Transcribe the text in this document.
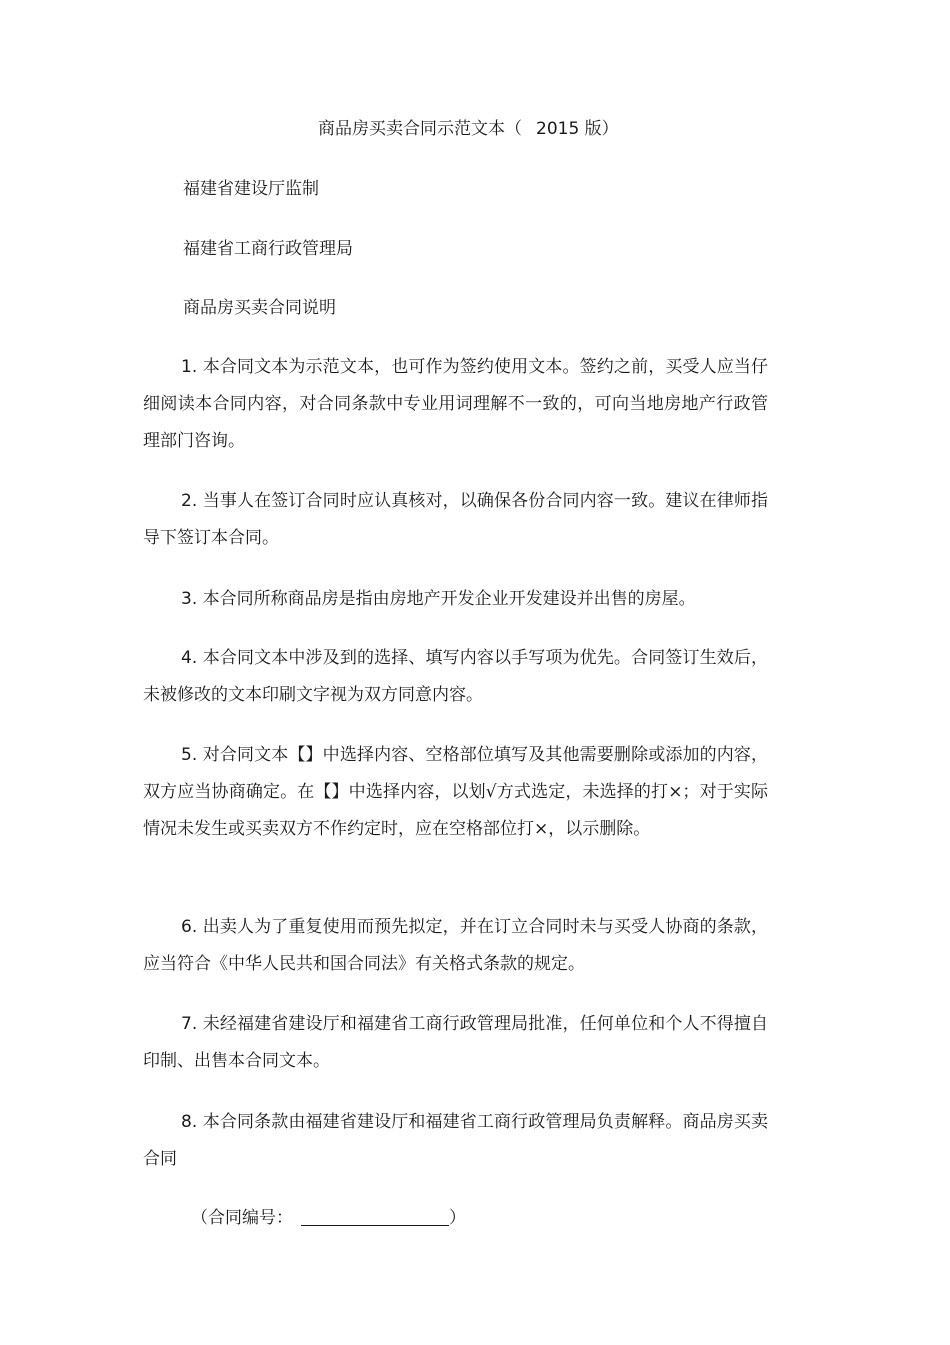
商品房买卖合同示范文本（ 2015 版）
福建省建设厅监制
福建省工商行政管理局
商品房买卖合同说明
1. 本合同文本为示范文本，也可作为签约使用文本。签约之前，买受人应当仔细阅读本合同内容，对合同条款中专业用词理解不一致的，可向当地房地产行政管理部门咨询。
2. 当事人在签订合同时应认真核对，以确保各份合同内容一致。建议在律师指导下签订本合同。
3. 本合同所称商品房是指由房地产开发企业开发建设并出售的房屋。
4. 本合同文本中涉及到的选择、填写内容以手写项为优先。合同签订生效后，未被修改的文本印刷文字视为双方同意内容。
5. 对合同文本【】中选择内容、空格部位填写及其他需要删除或添加的内容，双方应当协商确定。在【】中选择内容，以划√方式选定，未选择的打×；对于实际情况未发生或买卖双方不作约定时，应在空格部位打×，以示删除。
6. 出卖人为了重复使用而预先拟定，并在订立合同时未与买受人协商的条款，应当符合《中华人民共和国合同法》有关格式条款的规定。
7. 未经福建省建设厅和福建省工商行政管理局批准，任何单位和个人不得擅自印制、出售本合同文本。
8. 本合同条款由福建省建设厅和福建省工商行政管理局负责解释。商品房买卖合同
（合同编号：	）
